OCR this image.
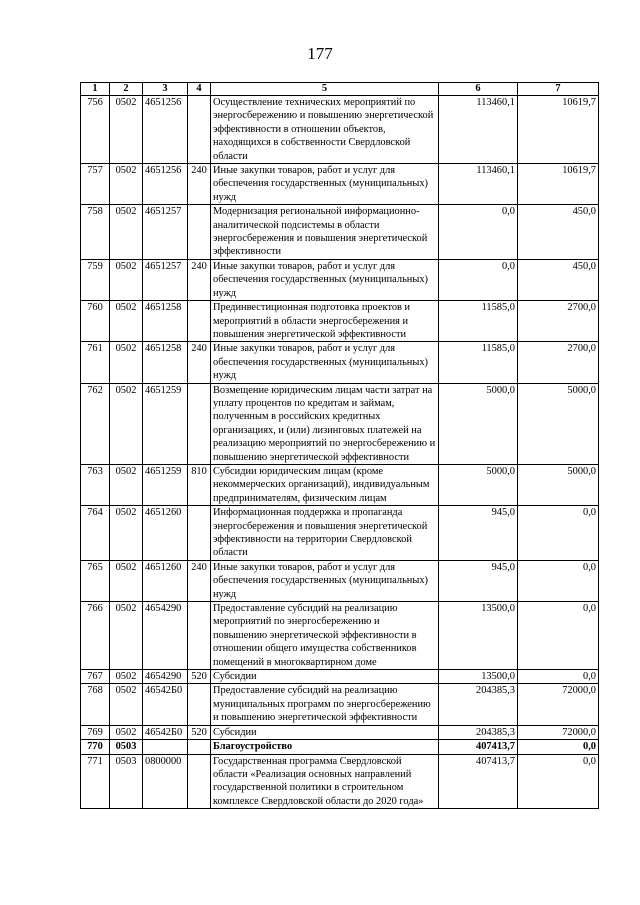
177
1	2	3	4	5	6	7
756	0502	4651256		Осуществление технических мероприятий по энергосбережению и повышению энергетической эффективности в отношении объектов, находящихся в собственности Свердловской области	113460,1	10619,7
757	0502	4651256	240	Иные закупки товаров, работ и услуг для обеспечения государственных (муниципальных) нужд	113460,1	10619,7
758	0502	4651257		Модернизация региональной информационно-аналитической подсистемы в области энергосбережения и повышения энергетической эффективности	0,0	450,0
759	0502	4651257	240	Иные закупки товаров, работ и услуг для обеспечения государственных (муниципальных) нужд	0,0	450,0
760	0502	4651258		Прединвестиционная подготовка проектов и мероприятий в области энергосбережения и повышения энергетической эффективности	11585,0	2700,0
761	0502	4651258	240	Иные закупки товаров, работ и услуг для обеспечения государственных (муниципальных) нужд	11585,0	2700,0
762	0502	4651259		Возмещение юридическим лицам части затрат на уплату процентов по кредитам и займам, полученным в российских кредитных организациях, и (или) лизинговых платежей на реализацию мероприятий по энергосбережению и повышению энергетической эффективности	5000,0	5000,0
763	0502	4651259	810	Субсидии юридическим лицам (кроме некоммерческих организаций), индивидуальным предпринимателям, физическим лицам	5000,0	5000,0
764	0502	4651260		Информационная поддержка и пропаганда энергосбережения и повышения энергетической эффективности на территории Свердловской области	945,0	0,0
765	0502	4651260	240	Иные закупки товаров, работ и услуг для обеспечения государственных (муниципальных) нужд	945,0	0,0
766	0502	4654290		Предоставление субсидий на реализацию мероприятий по энергосбережению и повышению энергетической эффективности в отношении общего имущества собственников помещений в многоквартирном доме	13500,0	0,0
767	0502	4654290	520	Субсидии	13500,0	0,0
768	0502	46542Б0		Предоставление субсидий на реализацию муниципальных программ по энергосбережению и повышению энергетической эффективности	204385,3	72000,0
769	0502	46542Б0	520	Субсидии	204385,3	72000,0
770	0503			Благоустройство	407413,7	0,0
771	0503	0800000		Государственная программа Свердловской области «Реализация основных направлений государственной политики в строительном комплексе Свердловской области до 2020 года»	407413,7	0,0
